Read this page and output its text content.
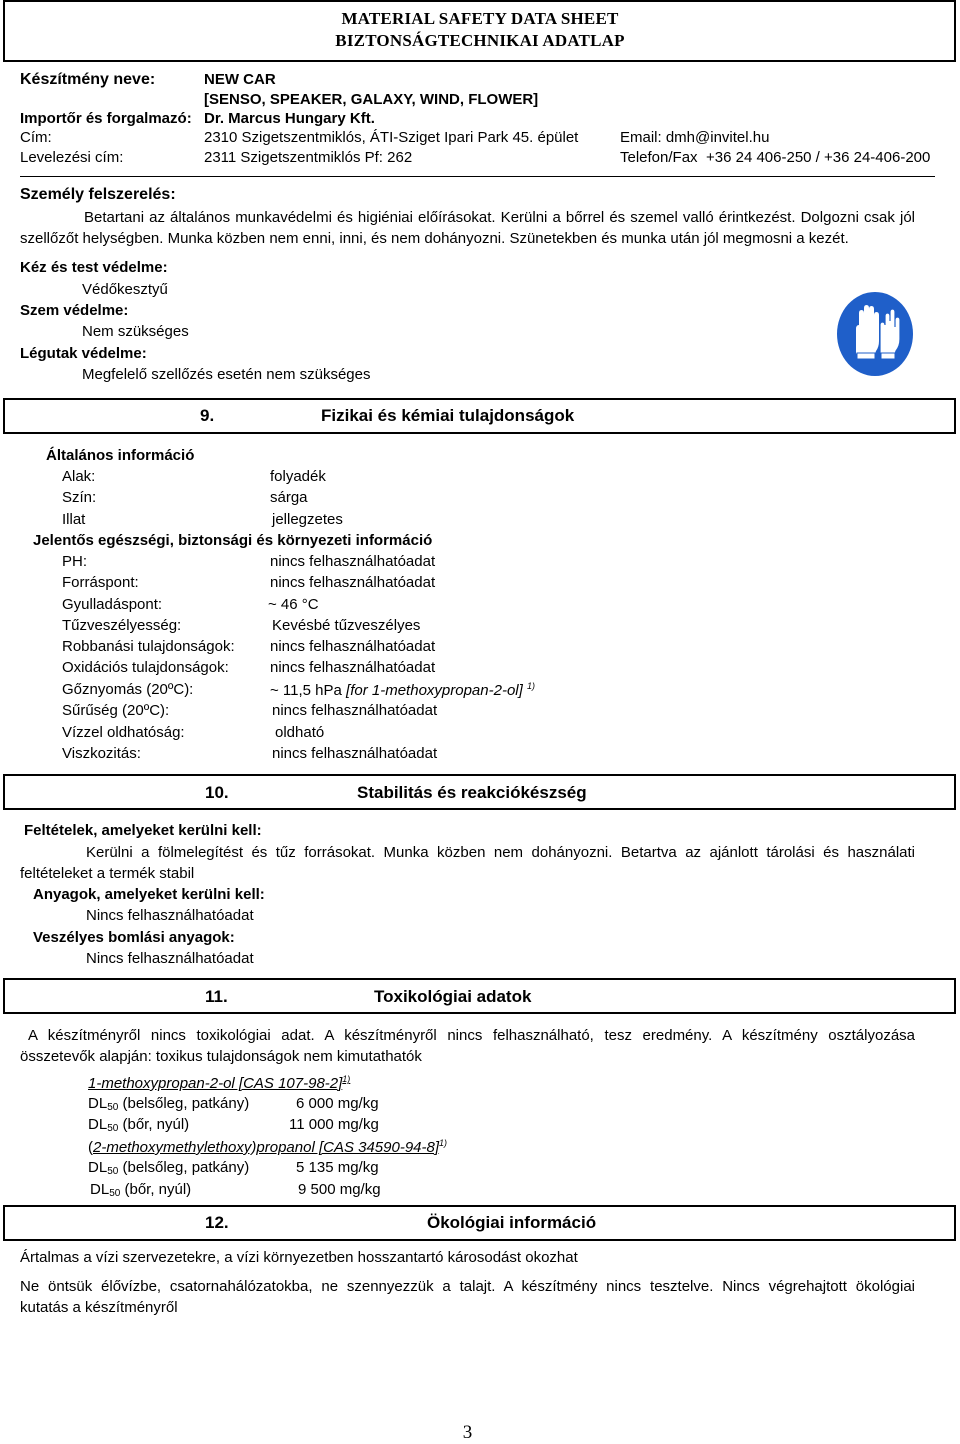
MATERIAL SAFETY DATA SHEET
BIZTONSÁGTECHNIKAI ADATLAP
Készítmény neve:	NEW CAR
[SENSO, SPEAKER, GALAXY, WIND, FLOWER]
Importőr és forgalmazó: Dr. Marcus Hungary Kft.
Cím:	2310 Szigetszentmiklós, ÁTI-Sziget Ipari Park 45. épület	Email: dmh@invitel.hu
Levelezési cím:	2311 Szigetszentmiklós Pf: 262	Telefon/Fax +36 24 406-250 / +36 24-406-200
Személy felszerelés:
Betartani az általános munkavédelmi és higiéniai előírásokat. Kerülni a bőrrel és szemel valló érintkezést. Dolgozni csak jól
szellőzőt helységben. Munka közben nem enni, inni, és nem dohányozni. Szünetekben és munka után jól megmosni a kezét.
Kéz és test védelme:
Védőkesztyű
Szem védelme:
Nem szükséges
Légutak védelme:
Megfelelő szellőzés esetén nem szükséges
9.	Fizikai és kémiai tulajdonságok
Általános információ
Alak:	folyadék
Szín:	sárga
Illat	jellegzetes
Jelentős egészségi, biztonsági és környezeti információ
PH:	nincs felhasználhatóadat
Forráspont:	nincs felhasználhatóadat
Gyulladáspont:	~ 46 °C
Tűzveszélyesség:	Kevésbé tűzveszélyes
Robbanási tulajdonságok: nincs felhasználhatóadat
Oxidációs tulajdonságok:	nincs felhasználhatóadat
Gőznyomás (20ºC):	~ 11,5 hPa [for 1-methoxypropan-2-ol] $^{1)}$
Sűrűség (20ºC):	nincs felhasználhatóadat
Vízzel oldhatóság:	oldható
Viszkozitás:	nincs felhasználhatóadat
10.	Stabilitás és reakciókészség
Feltételek, amelyeket kerülni kell:
Kerülni a fölmelegítést és tűz forrásokat. Munka közben nem dohányozni. Betartva az ajánlott tárolási és használati
feltételeket a termék stabil
Anyagok, amelyeket kerülni kell:
Nincs felhasználhatóadat
Veszélyes bomlási anyagok:
Nincs felhasználhatóadat
11.	Toxikológiai adatok
A készítményről nincs toxikológiai adat. A készítményről nincs felhasználható, tesz eredmény. A készítmény osztályozása
összetevők alapján: toxikus tulajdonságok nem kimutathatók
1-methoxypropan-2-ol [CAS 107-98-2]$^{1)}$
$DL_{50}$ (belsőleg, patkány)	6 000 mg/kg
$DL_{50}$ (bőr, nyúl)	11 000 mg/kg
(2-methoxymethylethoxy)propanol [CAS 34590-94-8]$^{1)}$
$DL_{50}$ (belsőleg, patkány)	5 135 mg/kg
$DL_{50}$ (bőr, nyúl)	9 500 mg/kg
12.	Ökológiai információ
Ártalmas a vízi szervezetekre, a vízi környezetben hosszantartó károsodást okozhat
Ne öntsük élővízbe, csatornahálózatokba, ne szennyezzük a talajt. A készítmény nincs tesztelve. Nincs végrehajtott ökológiai
kutatás a készítményről
3
